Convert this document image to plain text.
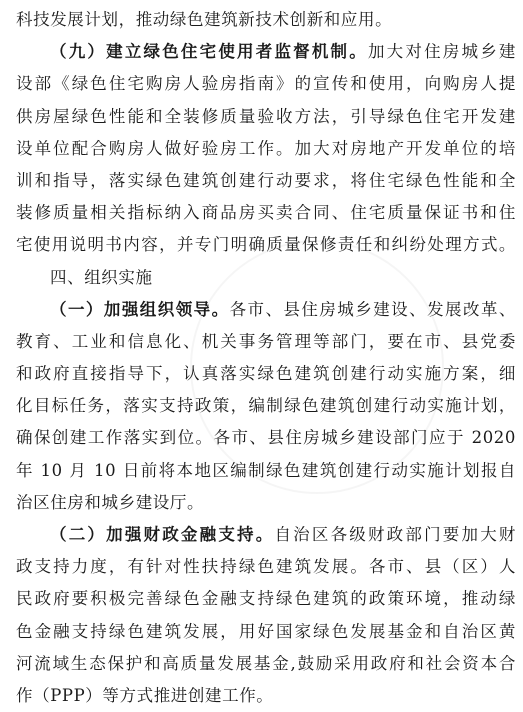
科技发展计划，推动绿色建筑新技术创新和应用。
（九）建立绿色住宅使用者监督机制。加大对住房城乡建
设部《绿色住宅购房人验房指南》的宣传和使用，向购房人提
供房屋绿色性能和全装修质量验收方法，引导绿色住宅开发建
设单位配合购房人做好验房工作。加大对房地产开发单位的培
训和指导，落实绿色建筑创建行动要求，将住宅绿色性能和全
装修质量相关指标纳入商品房买卖合同、住宅质量保证书和住
宅使用说明书内容，并专门明确质量保修责任和纠纷处理方式。
四、组织实施
（一）加强组织领导。各市、县住房城乡建设、发展改革、
教育、工业和信息化、机关事务管理等部门，要在市、县党委
和政府直接指导下，认真落实绿色建筑创建行动实施方案，细
化目标任务，落实支持政策，编制绿色建筑创建行动实施计划，
确保创建工作落实到位。各市、县住房城乡建设部门应于 2020
年 10 月 10 日前将本地区编制绿色建筑创建行动实施计划报自
治区住房和城乡建设厅。
（二）加强财政金融支持。自治区各级财政部门要加大财
政支持力度，有针对性扶持绿色建筑发展。各市、县（区）人
民政府要积极完善绿色金融支持绿色建筑的政策环境，推动绿
色金融支持绿色建筑发展，用好国家绿色发展基金和自治区黄
河流域生态保护和高质量发展基金,鼓励采用政府和社会资本合
作（PPP）等方式推进创建工作。
